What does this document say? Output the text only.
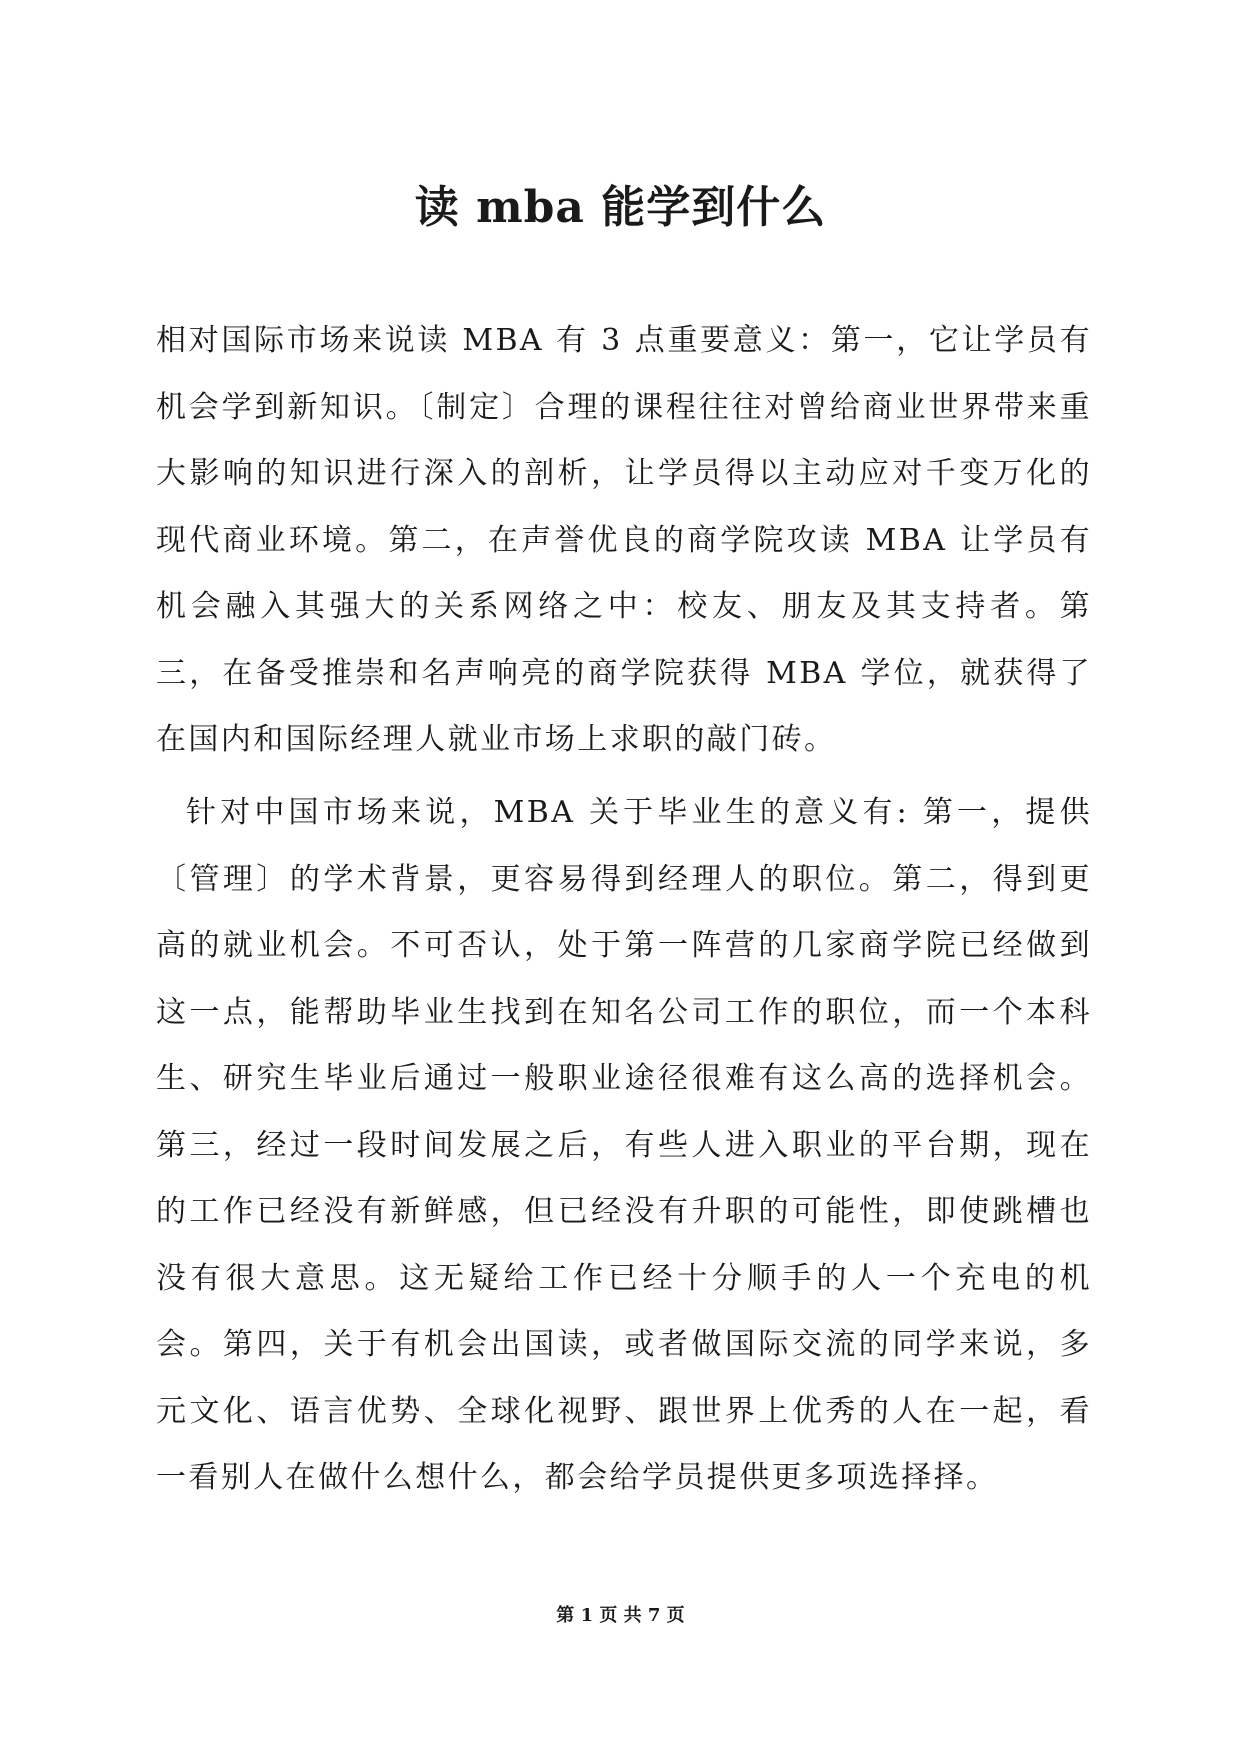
读 mba 能学到什么

相对国际市场来说读 MBA 有 3 点重要意义：第一，它让学员有机会学到新知识。〔制定〕合理的课程往往对曾给商业世界带来重大影响的知识进行深入的剖析，让学员得以主动应对千变万化的现代商业环境。第二，在声誉优良的商学院攻读 MBA 让学员有机会融入其强大的关系网络之中：校友、朋友及其支持者。第三，在备受推崇和名声响亮的商学院获得 MBA 学位，就获得了在国内和国际经理人就业市场上求职的敲门砖。

针对中国市场来说，MBA 关于毕业生的意义有: 第一，提供〔管理〕的学术背景，更容易得到经理人的职位。第二，得到更高的就业机会。不可否认，处于第一阵营的几家商学院已经做到这一点，能帮助毕业生找到在知名公司工作的职位，而一个本科生、研究生毕业后通过一般职业途径很难有这么高的选择机会。第三，经过一段时间发展之后，有些人进入职业的平台期，现在的工作已经没有新鲜感，但已经没有升职的可能性，即使跳槽也没有很大意思。这无疑给工作已经十分顺手的人一个充电的机会。第四，关于有机会出国读，或者做国际交流的同学来说，多元文化、语言优势、全球化视野、跟世界上优秀的人在一起，看一看别人在做什么想什么，都会给学员提供更多项选择择。

第 1 页 共 7 页
